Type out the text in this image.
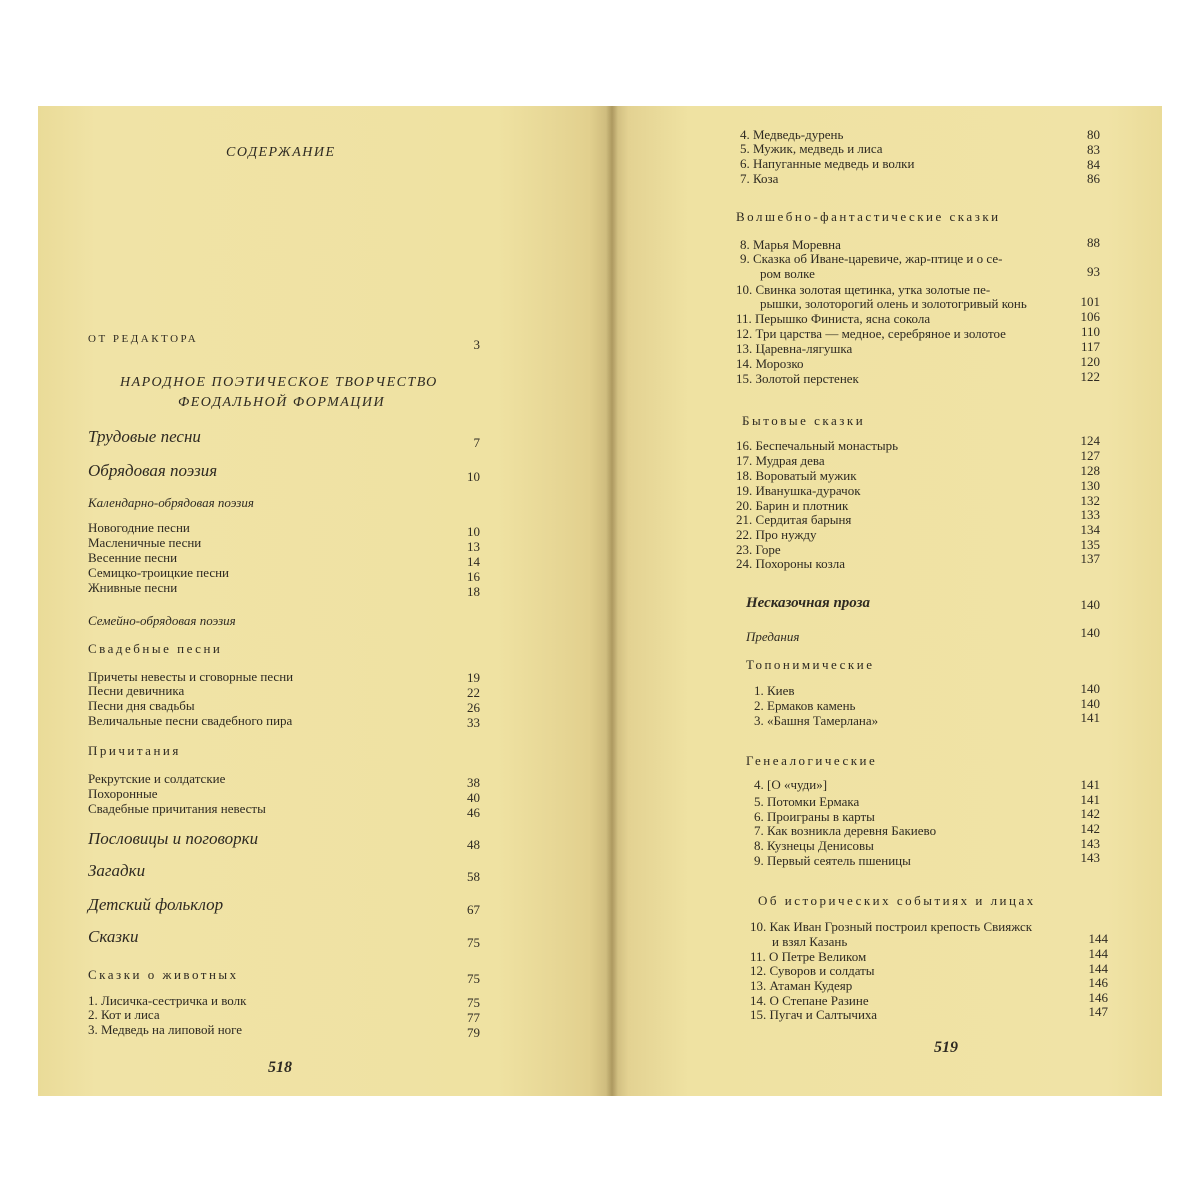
СОДЕРЖАНИЕ
ОТ РЕДАКТОРА	3
НАРОДНОЕ ПОЭТИЧЕСКОЕ ТВОРЧЕСТВО
ФЕОДАЛЬНОЙ ФОРМАЦИИ
Трудовые песни	7
Обрядовая поэзия	10
Календарно-обрядовая поэзия
Новогодние песни	10
Масленичные песни	13
Весенние песни	14
Семицко-троицкие песни	16
Жнивные песни	18
Семейно-обрядовая поэзия
Свадебные песни
Причеты невесты и сговорные песни	19
Песни девичника	22
Песни дня свадьбы	26
Величальные песни свадебного пира	33
Причитания
Рекрутские и солдатские	38
Похоронные	40
Свадебные причитания невесты	46
Пословицы и поговорки	48
Загадки	58
Детский фольклор	67
Сказки	75
Сказки о животных	75
1. Лисичка-сестричка и волк	75
2. Кот и лиса	77
3. Медведь на липовой ноге	79
518
4. Медведь-дурень	80
5. Мужик, медведь и лиса	83
6. Напуганные медведь и волки	84
7. Коза	86
Волшебно-фантастические сказки
8. Марья Моревна	88
9. Сказка об Иване-царевиче, жар-птице и о се-
ром волке	93
10. Свинка золотая щетинка, утка золотые пе-
рышки, золоторогий олень и золотогривый конь	101
11. Перышко Финиста, ясна сокола	106
12. Три царства — медное, серебряное и золотое	110
13. Царевна-лягушка	117
14. Морозко	120
15. Золотой перстенек	122
Бытовые сказки
16. Беспечальный монастырь	124
17. Мудрая дева	127
18. Вороватый мужик	128
19. Иванушка-дурачок	130
20. Барин и плотник	132
21. Сердитая барыня	133
22. Про нужду	134
23. Горе	135
24. Похороны козла	137
Несказочная проза	140
Предания	140
Топонимические
1. Киев	140
2. Ермаков камень	140
3. «Башня Тамерлана»	141
Генеалогические
4. [О «чуди»]	141
5. Потомки Ермака	141
6. Проиграны в карты	142
7. Как возникла деревня Бакиево	142
8. Кузнецы Денисовы	143
9. Первый сеятель пшеницы	143
Об исторических событиях и лицах
10. Как Иван Грозный построил крепость Свияжск
и взял Казань	144
11. О Петре Великом	144
12. Суворов и солдаты	144
13. Атаман Кудеяр	146
14. О Степане Разине	146
15. Пугач и Салтычиха	147
519
